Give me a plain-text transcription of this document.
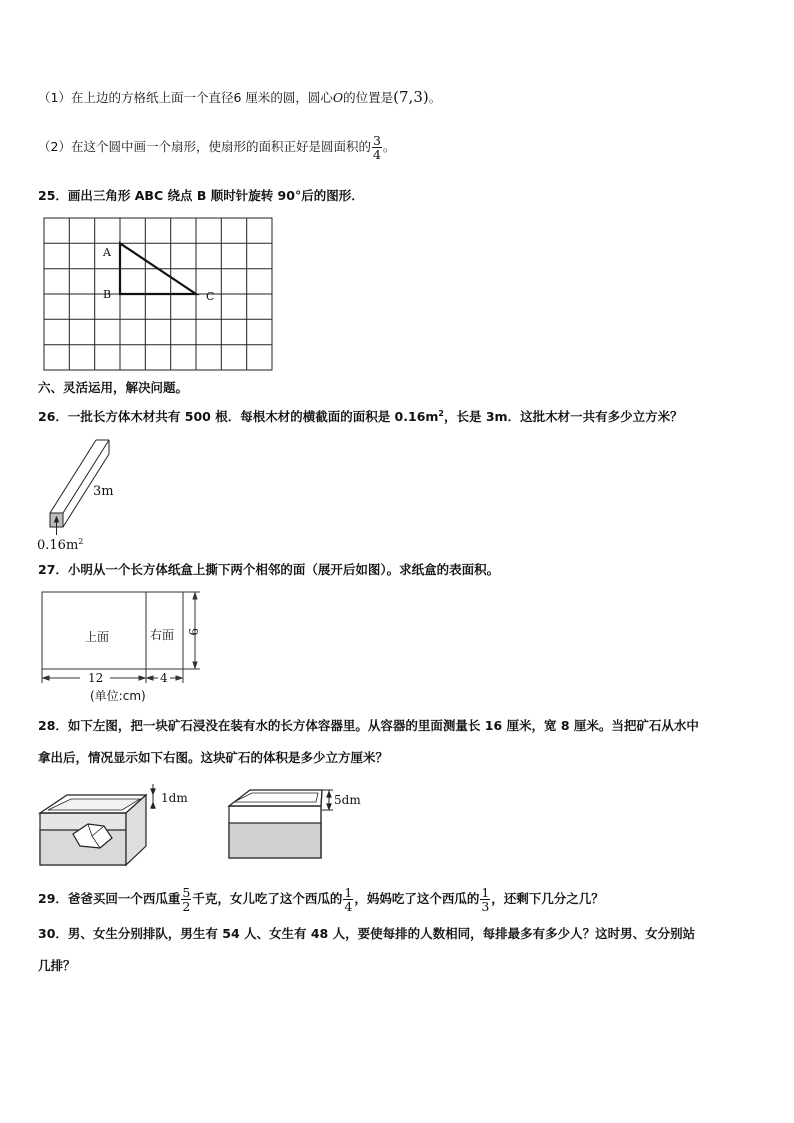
（1）在上边的方格纸上面一个直径6 厘米的圆，圆心O的位置是(7,3)。
（2）在这个圆中画一个扇形，使扇形的面积正好是圆面积的 $\frac{3}{4}$ 。
25．画出三角形 ABC 绕点 B 顺时针旋转 90°后的图形．
A
B	C
3m
$0.16m^2$
上面	右面 9
12	4
(单位:cm)
1dm	5dm
六、灵活运用，解决问题。
26．一批长方体木材共有 500 根．每根木材的横截面的面积是 $0.16m^2$，长是 3m．这批木材一共有多少立方米？
27．小明从一个长方体纸盒上撕下两个相邻的面（展开后如图）。求纸盒的表面积。
28．如下左图，把一块矿石浸没在装有水的长方体容器里。从容器的里面测量长 16 厘米，宽 8 厘米。当把矿石从水中
拿出后，情况显示如下右图。这块矿石的体积是多少立方厘米？
29．爸爸买回一个西瓜重 $\frac{5}{2}$ 千克，女儿吃了这个西瓜的 $\frac{1}{4}$ ，妈妈吃了这个西瓜的 $\frac{1}{3}$ ，还剩下几分之几？
30．男、女生分别排队，男生有 54 人、女生有 48 人，要使每排的人数相同，每排最多有多少人？这时男、女分别站
几排？
